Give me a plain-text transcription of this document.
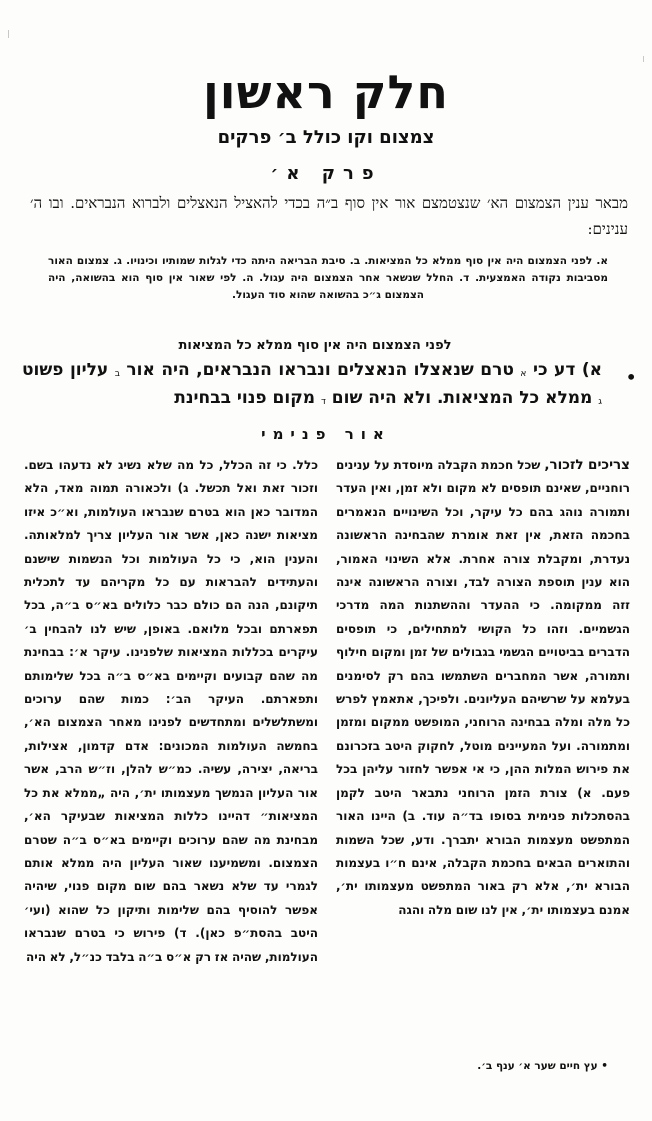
חלק ראשון
צמצום וקו כולל ב׳ פרקים
פרק א׳
מבאר ענין הצמצום הא׳ שנצטמצם אור אין סוף ב״ה בכדי להאציל הנאצלים ולברוא הנבראים. ובו ה׳ ענינים:
א. לפני הצמצום היה אין סוף ממלא כל המציאות. ב. סיבת הבריאה היתה כדי לגלות שמותיו וכינויו. ג. צמצום האור מסביבות נקודה האמצעית. ד. החלל שנשאר אחר הצמצום היה עגול. ה. לפי שאור אין סוף הוא בהשואה, היה הצמצום ג״כ בהשואה שהוא סוד העגול.
לפני הצמצום היה אין סוף ממלא כל המציאות
•
א) דע כי $^א$ טרם שנאצלו הנאצלים ונבראו הנבראים, היה אור $^ב$ עליון פשוט $^ג$ ממלא כל המציאות. ולא היה שום $^ד$ מקום פנוי בבחינת
אור פנימי
צריכים לזכור, שכל חכמת הקבלה מיוסדת על ענינים רוחניים, שאינם תופסים לא מקום ולא זמן, ואין העדר ותמורה נוהג בהם כל עיקר, וכל השינויים הנאמרים בחכמה הזאת, אין זאת אומרת שהבחינה הראשונה נעדרת, ומקבלת צורה אחרת. אלא השינוי האמור, הוא ענין תוספת הצורה לבד, וצורה הראשונה אינה זזה ממקומה. כי ההעדר וההשתנות המה מדרכי הגשמיים. וזהו כל הקושי למתחילים, כי תופסים הדברים בביטויים הגשמי בגבולים של זמן ומקום חילוף ותמורה, אשר המחברים השתמשו בהם רק לסימנים בעלמא על שרשיהם העליונים. ולפיכך, אתאמץ לפרש כל מלה ומלה בבחינה הרוחני, המופשט ממקום ומזמן ומתמורה. ועל המעיינים מוטל, לחקוק היטב בזכרונם את פירוש המלות ההן, כי אי אפשר לחזור עליהן בכל פעם. א) צורת הזמן הרוחני נתבאר היטב לקמן בהסתכלות פנימית בסופו בד״ה עוד. ב) היינו האור המתפשט מעצמות הבורא יתברך. ודע, שכל השמות והתוארים הבאים בחכמת הקבלה, אינם ח״ו בעצמות הבורא ית׳, אלא רק באור המתפשט מעצמותו ית׳, אמנם בעצמותו ית׳, אין לנו שום מלה והגה
כלל. כי זה הכלל, כל מה שלא נשיג לא נדעהו בשם. וזכור זאת ואל תכשל. ג) ולכאורה תמוה מאד, הלא המדובר כאן הוא בטרם שנבראו העולמות, וא״כ איזו מציאות ישנה כאן, אשר אור העליון צריך למלאותה. והענין הוא, כי כל העולמות וכל הנשמות שישנם והעתידים להבראות עם כל מקריהם עד לתכלית תיקונם, הנה הם כולם כבר כלולים בא״ס ב״ה, בכל תפארתם ובכל מלואם. באופן, שיש לנו להבחין ב׳ עיקרים בכללות המציאות שלפנינו. עיקר א׳: בבחינת מה שהם קבועים וקיימים בא״ס ב״ה בכל שלימותם ותפארתם. העיקר הב׳: כמות שהם ערוכים ומשתלשלים ומתחדשים לפנינו מאחר הצמצום הא׳, בחמשה העולמות המכונים: אדם קדמון, אצילות, בריאה, יצירה, עשיה. כמ״ש להלן, וז״ש הרב, אשר אור העליון הנמשך מעצמותו ית׳, היה „ממלא את כל המציאות״ דהיינו כללות המציאות שבעיקר הא׳, מבחינת מה שהם ערוכים וקיימים בא״ס ב״ה שטרם הצמצום. ומשמיענו שאור העליון היה ממלא אותם לגמרי עד שלא נשאר בהם שום מקום פנוי, שיהיה אפשר להוסיף בהם שלימות ותיקון כל שהוא (ועי׳ היטב בהסת״פ כאן). ד) פירוש כי בטרם שנבראו העולמות, שהיה אז רק א״ס ב״ה בלבד כנ״ל, לא היה
• עץ חיים שער א׳ ענף ב׳.
